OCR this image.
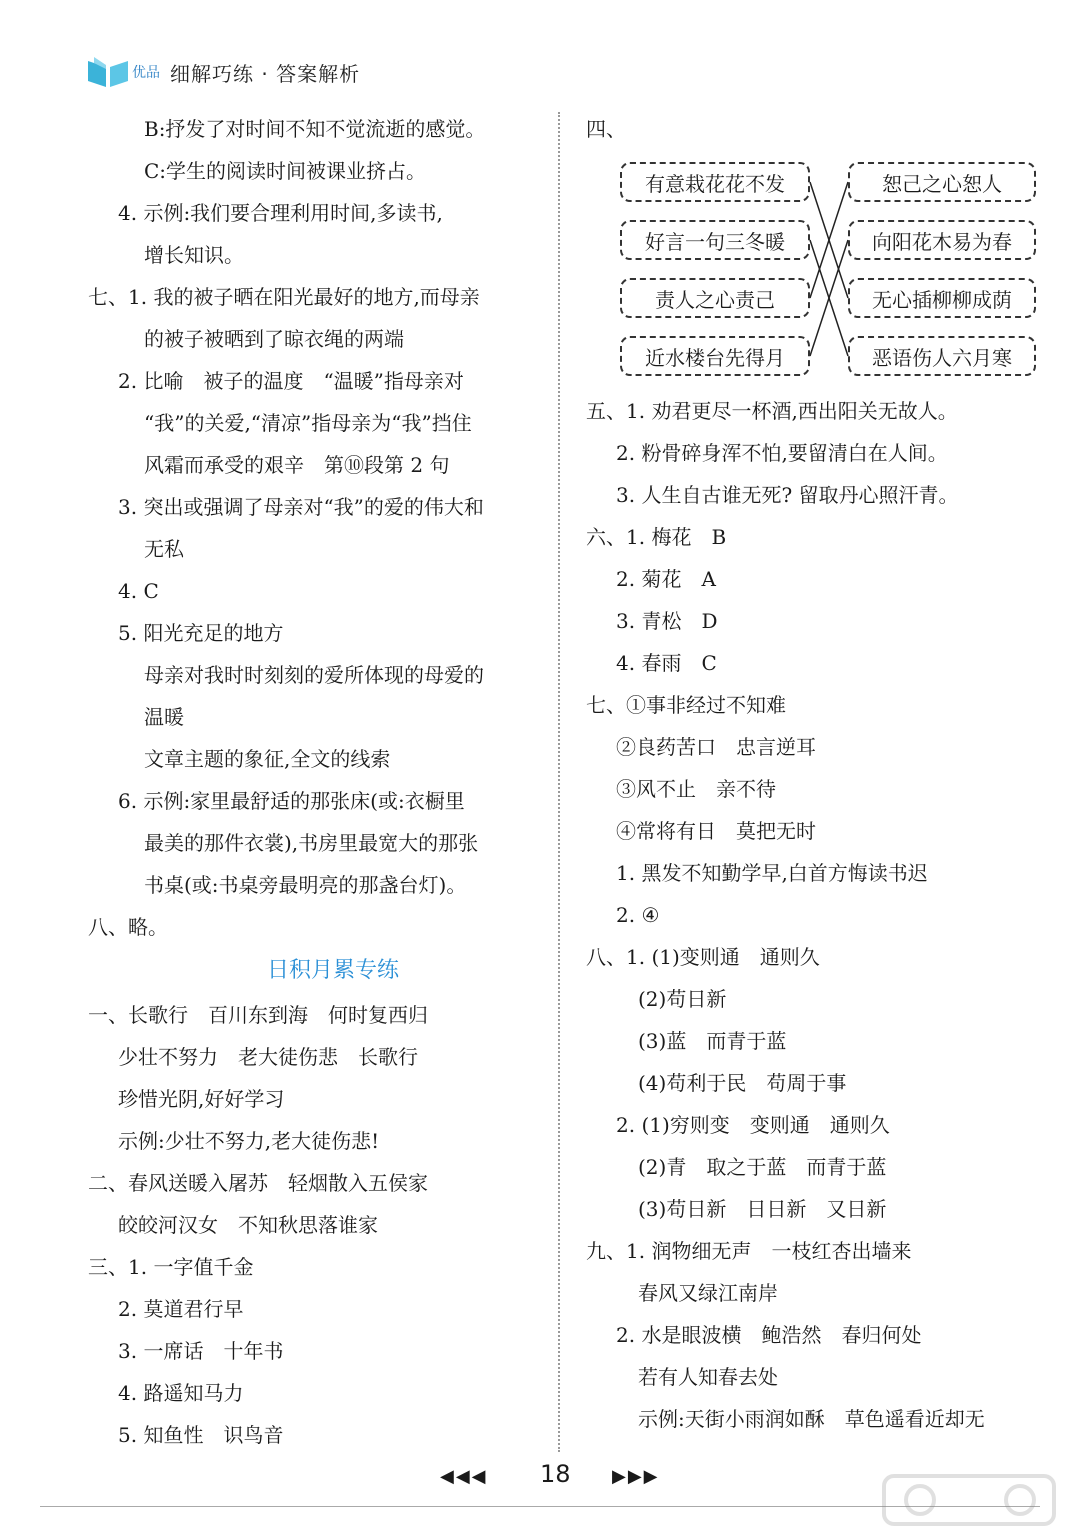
优品 细解巧练 · 答案解析
B:抒发了对时间不知不觉流逝的感觉。
C:学生的阅读时间被课业挤占。
4. 示例:我们要合理利用时间,多读书,
增长知识。
七、1. 我的被子晒在阳光最好的地方,而母亲
的被子被晒到了晾衣绳的两端
2. 比喻　被子的温度　“温暖”指母亲对
“我”的关爱,“清凉”指母亲为“我”挡住
风霜而承受的艰辛　第⑩段第 2 句
3. 突出或强调了母亲对“我”的爱的伟大和
无私
4. C
5. 阳光充足的地方
母亲对我时时刻刻的爱所体现的母爱的
温暖
文章主题的象征,全文的线索
6. 示例:家里最舒适的那张床(或:衣橱里
最美的那件衣裳),书房里最宽大的那张
书桌(或:书桌旁最明亮的那盏台灯)。
八、略。
日积月累专练
一、长歌行　百川东到海　何时复西归
少壮不努力　老大徒伤悲　长歌行
珍惜光阴,好好学习
示例:少壮不努力,老大徒伤悲!
二、春风送暖入屠苏　轻烟散入五侯家
皎皎河汉女　不知秋思落谁家
三、1. 一字值千金
2. 莫道君行早
3. 一席话　十年书
4. 路遥知马力
5. 知鱼性　识鸟音
四、
有意栽花花不发
好言一句三冬暖
责人之心责己
近水楼台先得月
恕己之心恕人
向阳花木易为春
无心插柳柳成荫
恶语伤人六月寒
五、1. 劝君更尽一杯酒,西出阳关无故人。
2. 粉骨碎身浑不怕,要留清白在人间。
3. 人生自古谁无死? 留取丹心照汗青。
六、1. 梅花　B
2. 菊花　A
3. 青松　D
4. 春雨　C
七、①事非经过不知难
②良药苦口　忠言逆耳
③风不止　亲不待
④常将有日　莫把无时
1. 黑发不知勤学早,白首方悔读书迟
2. ④
八、1. (1)变则通　通则久
(2)苟日新
(3)蓝　而青于蓝
(4)苟利于民　苟周于事
2. (1)穷则变　变则通　通则久
(2)青　取之于蓝　而青于蓝
(3)苟日新　日日新　又日新
九、1. 润物细无声　一枝红杏出墙来
春风又绿江南岸
2. 水是眼波横　鲍浩然　春归何处
若有人知春去处
示例:天街小雨润如酥　草色遥看近却无
◀◀◀ 18 ▶▶▶
